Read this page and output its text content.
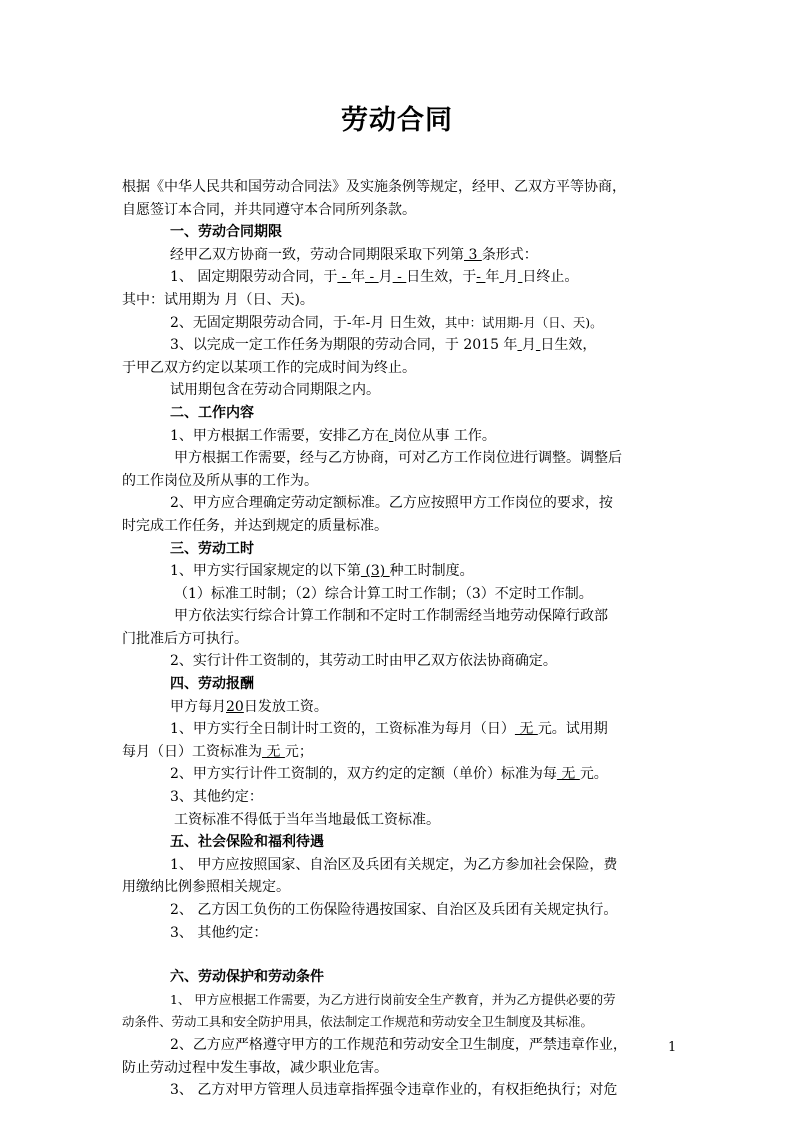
劳动合同
根据《中华人民共和国劳动合同法》及实施条例等规定，经甲、乙双方平等协商，
自愿签订本合同，并共同遵守本合同所列条款。
一、劳动合同期限
经甲乙双方协商一致，劳动合同期限采取下列第 3 条形式：
1、 固定期限劳动合同，于 - 年 - 月 - 日生效，于- 年 月 日终止。
其中：试用期为 月（日、天)。
2、无固定期限劳动合同，于-年-月 日生效，其中：试用期-月（日、天)。
3、以完成一定工作任务为期限的劳动合同，于 2015 年 月 日生效，
于甲乙双方约定以某项工作的完成时间为终止。
试用期包含在劳动合同期限之内。
二、工作内容
1、甲方根据工作需要，安排乙方在 岗位从事 工作。
甲方根据工作需要，经与乙方协商，可对乙方工作岗位进行调整。调整后
的工作岗位及所从事的工作为。
2、甲方应合理确定劳动定额标准。乙方应按照甲方工作岗位的要求，按
时完成工作任务，并达到规定的质量标准。
三、劳动工时
1、甲方实行国家规定的以下第 (3) 种工时制度。
（1）标准工时制；（2）综合计算工时工作制；（3）不定时工作制。
甲方依法实行综合计算工作制和不定时工作制需经当地劳动保障行政部
门批准后方可执行。
2、实行计件工资制的，其劳动工时由甲乙双方依法协商确定。
四、劳动报酬
甲方每月20日发放工资。
1、甲方实行全日制计时工资的，工资标准为每月（日） 无 元。试用期
每月（日）工资标准为 无 元；
2、甲方实行计件工资制的，双方约定的定额（单价）标准为每 无 元。
3、其他约定：
工资标准不得低于当年当地最低工资标准。
五、社会保险和福利待遇
1、 甲方应按照国家、自治区及兵团有关规定，为乙方参加社会保险，费
用缴纳比例参照相关规定。
2、 乙方因工负伤的工伤保险待遇按国家、自治区及兵团有关规定执行。
3、 其他约定：
六、劳动保护和劳动条件
1、 甲方应根据工作需要，为乙方进行岗前安全生产教育，并为乙方提供必要的劳
动条件、劳动工具和安全防护用具，依法制定工作规范和劳动安全卫生制度及其标准。
2、乙方应严格遵守甲方的工作规范和劳动安全卫生制度，严禁违章作业，
防止劳动过程中发生事故，减少职业危害。
3、 乙方对甲方管理人员违章指挥强令违章作业的，有权拒绝执行；对危
1
